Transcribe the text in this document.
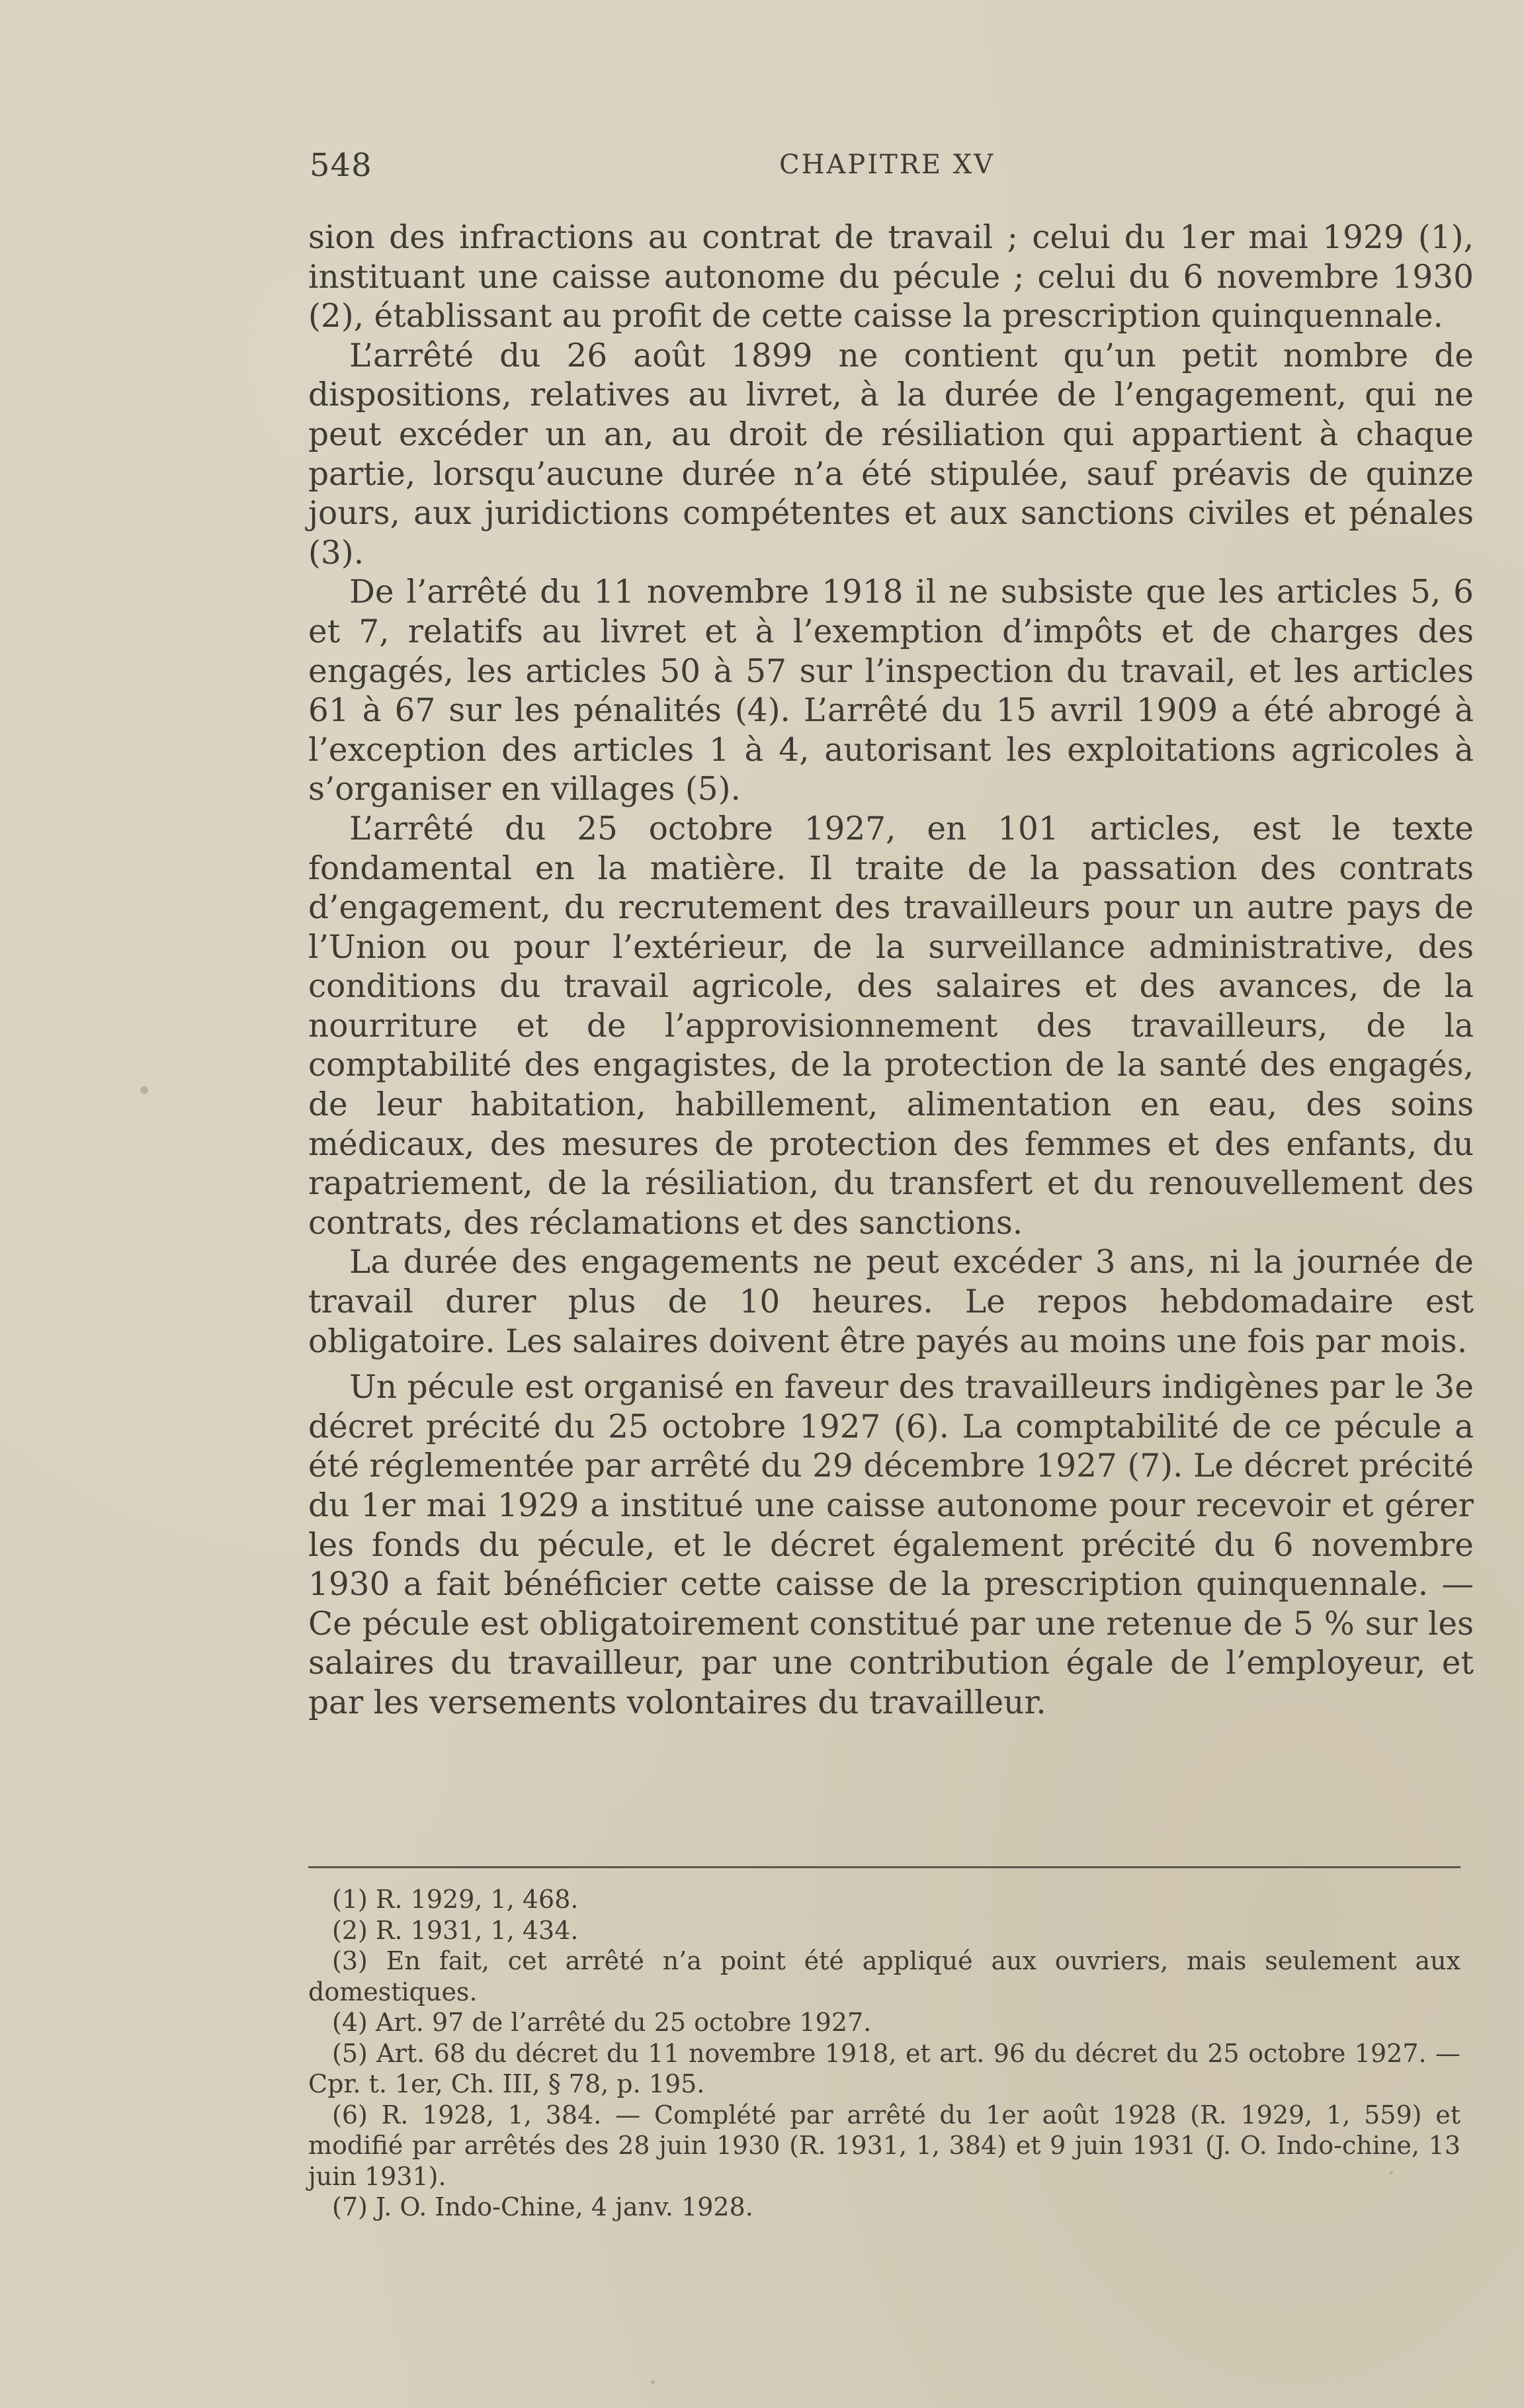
548	CHAPITRE XV

sion des infractions au contrat de travail ; celui du 1er mai 1929 (1), instituant une caisse autonome du pécule ; celui du 6 novembre 1930 (2), établissant au profit de cette caisse la prescription quinquennale.

L’arrêté du 26 août 1899 ne contient qu’un petit nombre de dispositions, relatives au livret, à la durée de l’engagement, qui ne peut excéder un an, au droit de résiliation qui appartient à chaque partie, lorsqu’aucune durée n’a été stipulée, sauf préavis de quinze jours, aux juridictions compétentes et aux sanctions civiles et pénales (3).

De l’arrêté du 11 novembre 1918 il ne subsiste que les articles 5, 6 et 7, relatifs au livret et à l’exemption d’impôts et de charges des engagés, les articles 50 à 57 sur l’inspection du travail, et les articles 61 à 67 sur les pénalités (4). L’arrêté du 15 avril 1909 a été abrogé à l’exception des articles 1 à 4, autorisant les exploitations agricoles à s’organiser en villages (5).

L’arrêté du 25 octobre 1927, en 101 articles, est le texte fondamental en la matière. Il traite de la passation des contrats d’engagement, du recrutement des travailleurs pour un autre pays de l’Union ou pour l’extérieur, de la surveillance administrative, des conditions du travail agricole, des salaires et des avances, de la nourriture et de l’approvisionnement des travailleurs, de la comptabilité des engagistes, de la protection de la santé des engagés, de leur habitation, habillement, alimentation en eau, des soins médicaux, des mesures de protection des femmes et des enfants, du rapatriement, de la résiliation, du transfert et du renouvellement des contrats, des réclamations et des sanctions.

La durée des engagements ne peut excéder 3 ans, ni la journée de travail durer plus de 10 heures. Le repos hebdomadaire est obligatoire. Les salaires doivent être payés au moins une fois par mois.

Un pécule est organisé en faveur des travailleurs indigènes par le 3e décret précité du 25 octobre 1927 (6). La comptabilité de ce pécule a été réglementée par arrêté du 29 décembre 1927 (7). Le décret précité du 1er mai 1929 a institué une caisse autonome pour recevoir et gérer les fonds du pécule, et le décret également précité du 6 novembre 1930 a fait bénéficier cette caisse de la prescription quinquennale. — Ce pécule est obligatoirement constitué par une retenue de 5 % sur les salaires du travailleur, par une contribution égale de l’employeur, et par les versements volontaires du travailleur.

(1) R. 1929, 1, 468.

(2) R. 1931, 1, 434.

(3) En fait, cet arrêté n’a point été appliqué aux ouvriers, mais seulement aux domestiques.

(4) Art. 97 de l’arrêté du 25 octobre 1927.

(5) Art. 68 du décret du 11 novembre 1918, et art. 96 du décret du 25 octobre 1927. — Cpr. t. 1er, Ch. III, § 78, p. 195.

(6) R. 1928, 1, 384. — Complété par arrêté du 1er août 1928 (R. 1929, 1, 559) et modifié par arrêtés des 28 juin 1930 (R. 1931, 1, 384) et 9 juin 1931 (J. O. Indo-chine, 13 juin 1931).

(7) J. O. Indo-Chine, 4 janv. 1928.
